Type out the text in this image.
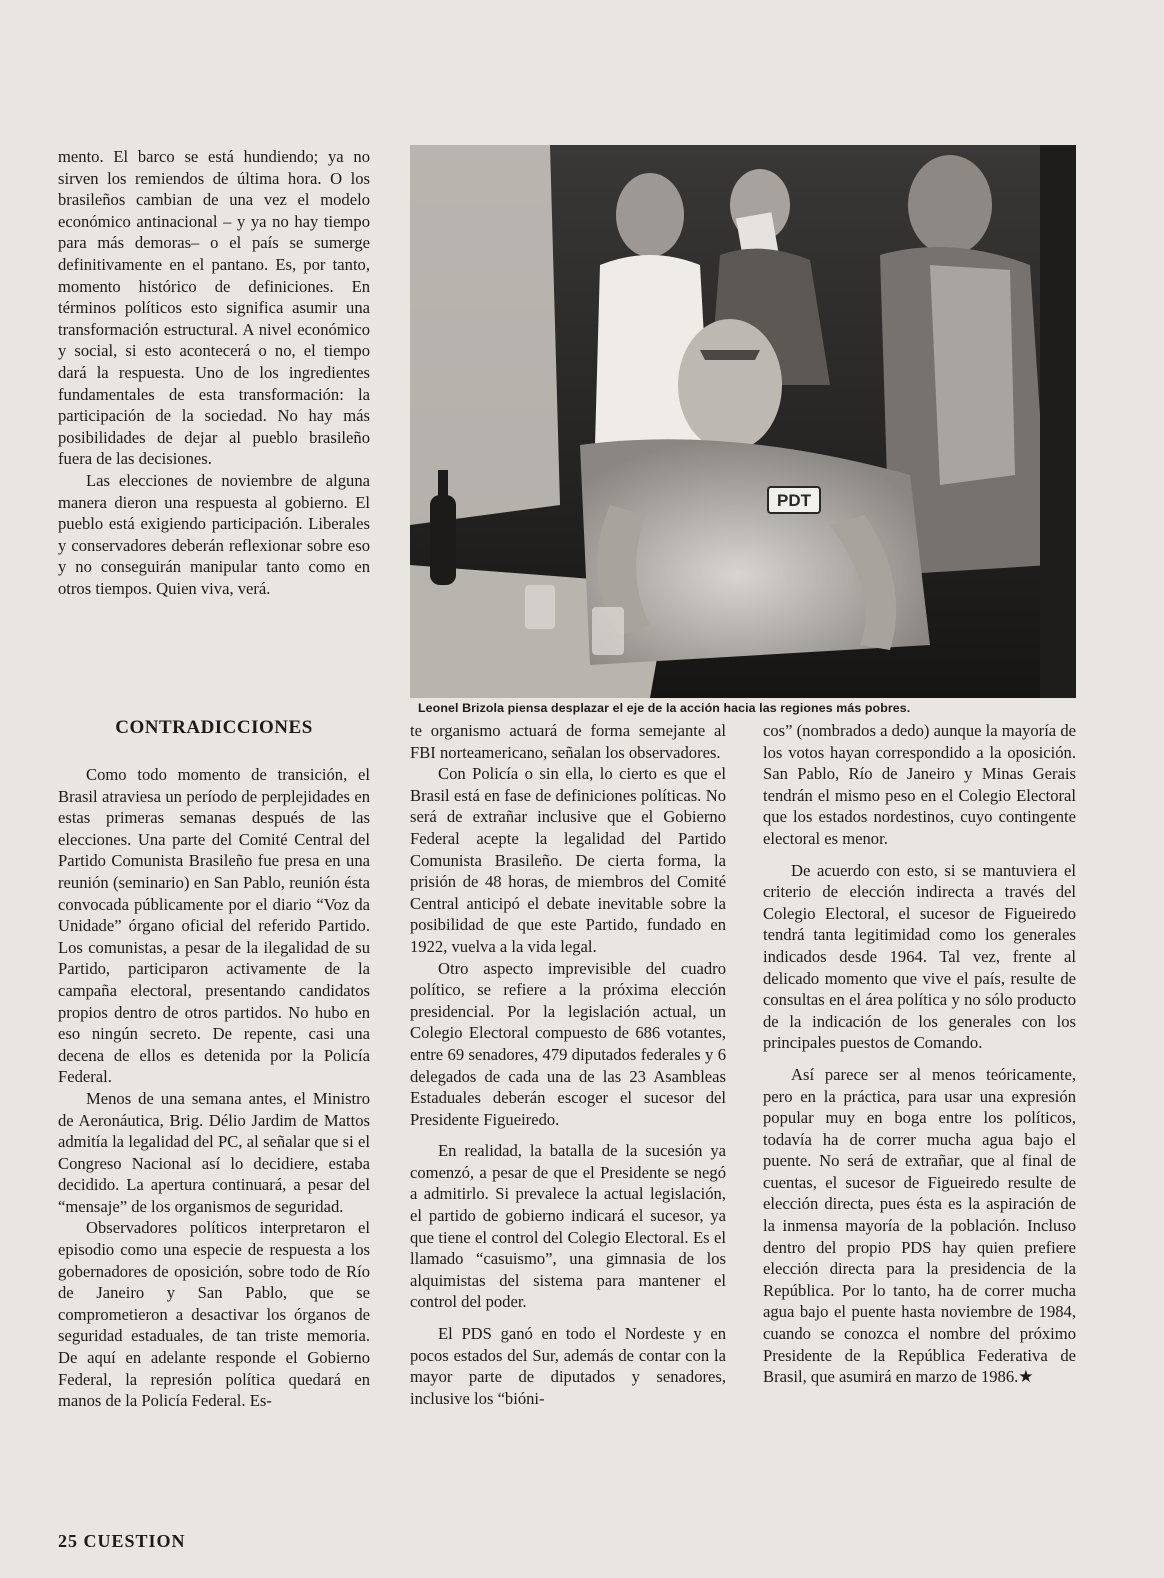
mento. El barco se está hundiendo; ya no sirven los remiendos de última hora. O los brasileños cambian de una vez el modelo económico antinacional – y ya no hay tiempo para más demoras– o el país se sumerge definitivamente en el pantano. Es, por tanto, momento histórico de definiciones. En términos políticos esto significa asumir una transformación estructural. A nivel económico y social, si esto acontecerá o no, el tiempo dará la respuesta. Uno de los ingredientes fundamentales de esta transformación: la participación de la sociedad. No hay más posibilidades de dejar al pueblo brasileño fuera de las decisiones.

Las elecciones de noviembre de alguna manera dieron una respuesta al gobierno. El pueblo está exigiendo participación. Liberales y conservadores deberán reflexionar sobre eso y no conseguirán manipular tanto como en otros tiempos. Quien viva, verá.

CONTRADICCIONES

Como todo momento de transición, el Brasil atraviesa un período de perplejidades en estas primeras semanas después de las elecciones. Una parte del Comité Central del Partido Comunista Brasileño fue presa en una reunión (seminario) en San Pablo, reunión ésta convocada públicamente por el diario “Voz da Unidade” órgano oficial del referido Partido. Los comunistas, a pesar de la ilegalidad de su Partido, participaron activamente de la campaña electoral, presentando candidatos propios dentro de otros partidos. No hubo en eso ningún secreto. De repente, casi una decena de ellos es detenida por la Policía Federal.

Menos de una semana antes, el Ministro de Aeronáutica, Brig. Délio Jardim de Mattos admitía la legalidad del PC, al señalar que si el Congreso Nacional así lo decidiere, estaba decidido. La apertura continuará, a pesar del “mensaje” de los organismos de seguridad.

Observadores políticos interpretaron el episodio como una especie de respuesta a los gobernadores de oposición, sobre todo de Río de Janeiro y San Pablo, que se comprometieron a desactivar los órganos de seguridad estaduales, de tan triste memoria. De aquí en adelante responde el Gobierno Federal, la represión política quedará en manos de la Policía Federal. Es-

PDT
Leonel Brizola piensa desplazar el eje de la acción hacia las regiones más pobres.

te organismo actuará de forma semejante al FBI norteamericano, señalan los observadores.

Con Policía o sin ella, lo cierto es que el Brasil está en fase de definiciones políticas. No será de extrañar inclusive que el Gobierno Federal acepte la legalidad del Partido Comunista Brasileño. De cierta forma, la prisión de 48 horas, de miembros del Comité Central anticipó el debate inevitable sobre la posibilidad de que este Partido, fundado en 1922, vuelva a la vida legal.

Otro aspecto imprevisible del cuadro político, se refiere a la próxima elección presidencial. Por la legislación actual, un Colegio Electoral compuesto de 686 votantes, entre 69 senadores, 479 diputados federales y 6 delegados de cada una de las 23 Asambleas Estaduales deberán escoger el sucesor del Presidente Figueiredo.

En realidad, la batalla de la sucesión ya comenzó, a pesar de que el Presidente se negó a admitirlo. Si prevalece la actual legislación, el partido de gobierno indicará el sucesor, ya que tiene el control del Colegio Electoral. Es el llamado “casuismo”, una gimnasia de los alquimistas del sistema para mantener el control del poder.

El PDS ganó en todo el Nordeste y en pocos estados del Sur, además de contar con la mayor parte de diputados y senadores, inclusive los “bióni-

cos” (nombrados a dedo) aunque la mayoría de los votos hayan correspondido a la oposición. San Pablo, Río de Janeiro y Minas Gerais tendrán el mismo peso en el Colegio Electoral que los estados nordestinos, cuyo contingente electoral es menor.

De acuerdo con esto, si se mantuviera el criterio de elección indirecta a través del Colegio Electoral, el sucesor de Figueiredo tendrá tanta legitimidad como los generales indicados desde 1964. Tal vez, frente al delicado momento que vive el país, resulte de consultas en el área política y no sólo producto de la indicación de los generales con los principales puestos de Comando.

Así parece ser al menos teóricamente, pero en la práctica, para usar una expresión popular muy en boga entre los políticos, todavía ha de correr mucha agua bajo el puente. No será de extrañar, que al final de cuentas, el sucesor de Figueiredo resulte de elección directa, pues ésta es la aspiración de la inmensa mayoría de la población. Incluso dentro del propio PDS hay quien prefiere elección directa para la presidencia de la República. Por lo tanto, ha de correr mucha agua bajo el puente hasta noviembre de 1984, cuando se conozca el nombre del próximo Presidente de la República Federativa de Brasil, que asumirá en marzo de 1986.★

25 CUESTION
